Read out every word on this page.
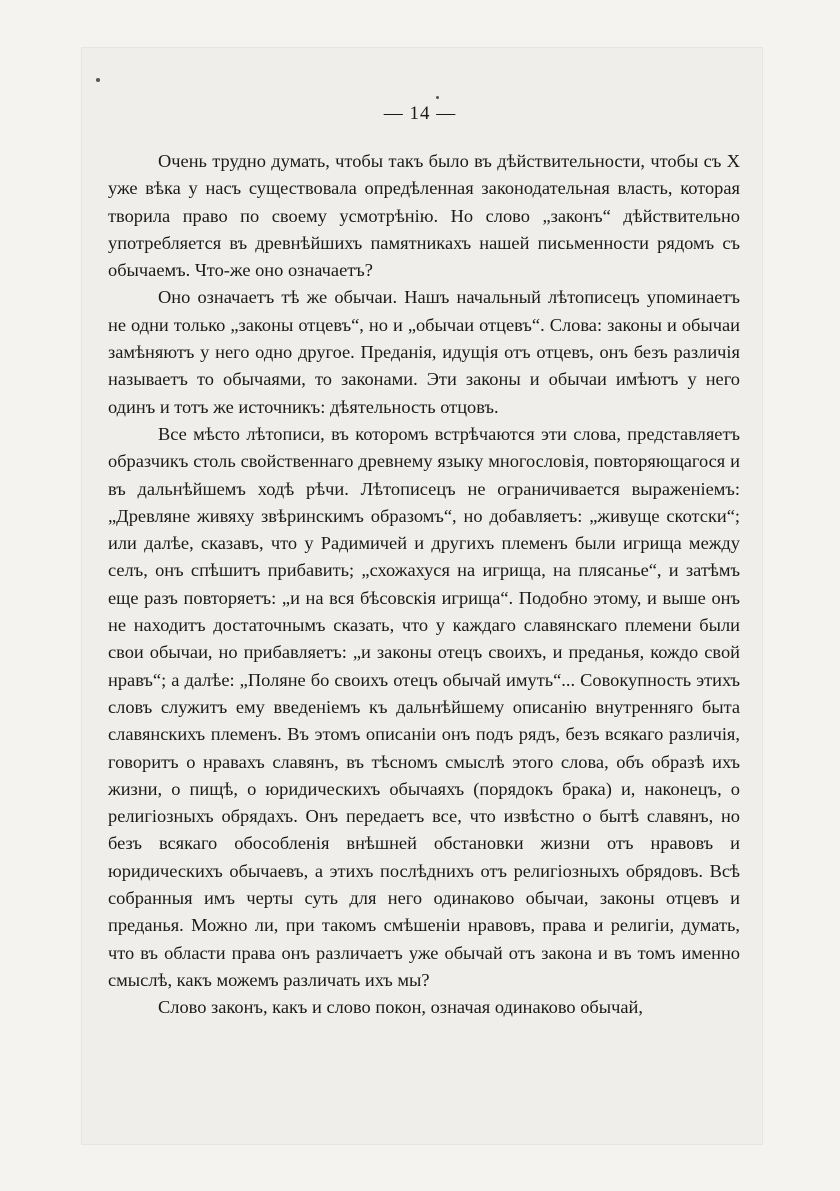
— 14 —

Очень трудно думать, чтобы такъ было въ дѣйствительности, чтобы съ X уже вѣка у насъ существовала опредѣленная законодательная власть, которая творила право по своему усмотрѣнію. Но слово „законъ“ дѣйствительно употребляется въ древнѣйшихъ памятникахъ нашей письменности рядомъ съ обычаемъ. Что-же оно означаетъ?

Оно означаетъ тѣ же обычаи. Нашъ начальный лѣтописецъ упоминаетъ не одни только „законы отцевъ“, но и „обычаи отцевъ“. Слова: законы и обычаи замѣняютъ у него одно другое. Преданія, идущія отъ отцевъ, онъ безъ различія называетъ то обычаями, то законами. Эти законы и обычаи имѣютъ у него одинъ и тотъ же источникъ: дѣятельность отцовъ.

Все мѣсто лѣтописи, въ которомъ встрѣчаются эти слова, представляетъ образчикъ столь свойственнаго древнему языку многословія, повторяющагося и въ дальнѣйшемъ ходѣ рѣчи. Лѣтописецъ не ограничивается выраженіемъ: „Древляне живяху звѣринскимъ образомъ“, но добавляетъ: „живуще скотски“; или далѣе, сказавъ, что у Радимичей и другихъ племенъ были игрища между селъ, онъ спѣшитъ прибавить; „схожахуся на игрища, на плясанье“, и затѣмъ еще разъ повторяетъ: „и на вся бѣсовскія игрища“. Подобно этому, и выше онъ не находитъ достаточнымъ сказать, что у каждаго славянскаго племени были свои обычаи, но прибавляетъ: „и законы отецъ своихъ, и преданья, кождо свой нравъ“; а далѣе: „Поляне бо своихъ отецъ обычай имуть“... Совокупность этихъ словъ служитъ ему введеніемъ къ дальнѣйшему описанію внутренняго быта славянскихъ племенъ. Въ этомъ описаніи онъ подъ рядъ, безъ всякаго различія, говоритъ о нравахъ славянъ, въ тѣсномъ смыслѣ этого слова, объ образѣ ихъ жизни, о пищѣ, о юридическихъ обычаяхъ (порядокъ брака) и, наконецъ, о религіозныхъ обрядахъ. Онъ передаетъ все, что извѣстно о бытѣ славянъ, но безъ всякаго обособленія внѣшней обстановки жизни отъ нравовъ и юридическихъ обычаевъ, а этихъ послѣднихъ отъ религіозныхъ обрядовъ. Всѣ собранныя имъ черты суть для него одинаково обычаи, законы отцевъ и преданья. Можно ли, при такомъ смѣшеніи нравовъ, права и религіи, думать, что въ области права онъ различаетъ уже обычай отъ закона и въ томъ именно смыслѣ, какъ можемъ различать ихъ мы?

Слово законъ, какъ и слово покон, означая одинаково обычай,
